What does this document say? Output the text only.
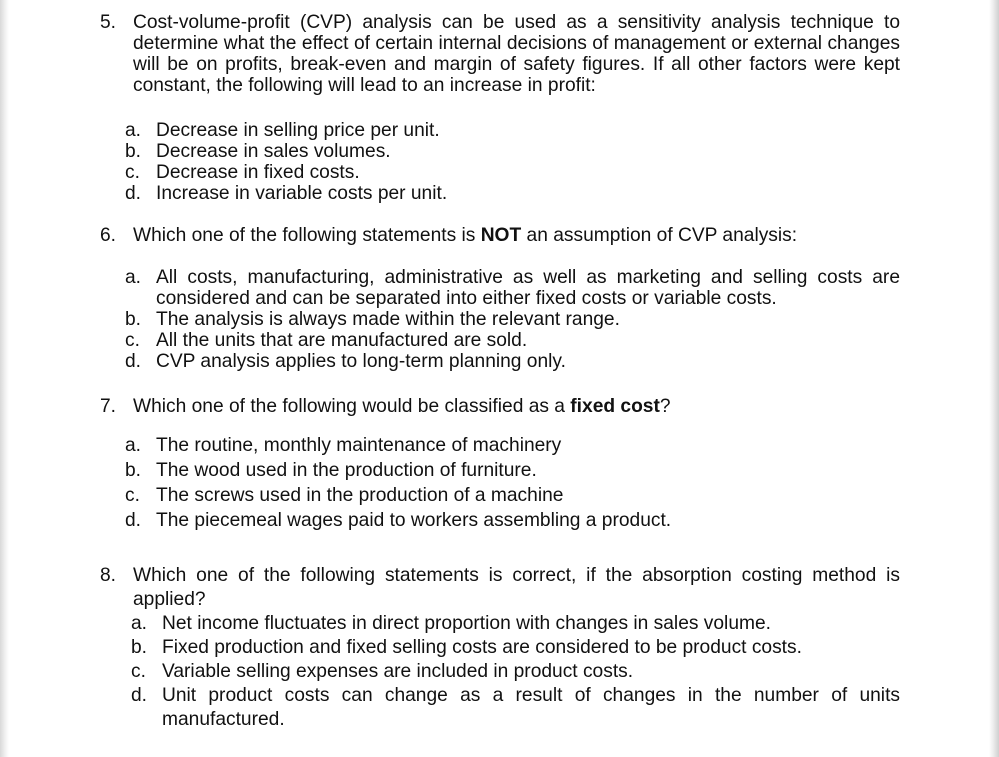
5. Cost-volume-profit (CVP) analysis can be used as a sensitivity analysis technique to determine what the effect of certain internal decisions of management or external changes will be on profits, break-even and margin of safety figures. If all other factors were kept constant, the following will lead to an increase in profit:
a. Decrease in selling price per unit.
b. Decrease in sales volumes.
c. Decrease in fixed costs.
d. Increase in variable costs per unit.
6. Which one of the following statements is NOT an assumption of CVP analysis:
a. All costs, manufacturing, administrative as well as marketing and selling costs are considered and can be separated into either fixed costs or variable costs.
b. The analysis is always made within the relevant range.
c. All the units that are manufactured are sold.
d. CVP analysis applies to long-term planning only.
7. Which one of the following would be classified as a fixed cost?
a. The routine, monthly maintenance of machinery
b. The wood used in the production of furniture.
c. The screws used in the production of a machine
d. The piecemeal wages paid to workers assembling a product.
8. Which one of the following statements is correct, if the absorption costing method is applied?
a. Net income fluctuates in direct proportion with changes in sales volume.
b. Fixed production and fixed selling costs are considered to be product costs.
c. Variable selling expenses are included in product costs.
d. Unit product costs can change as a result of changes in the number of units manufactured.
